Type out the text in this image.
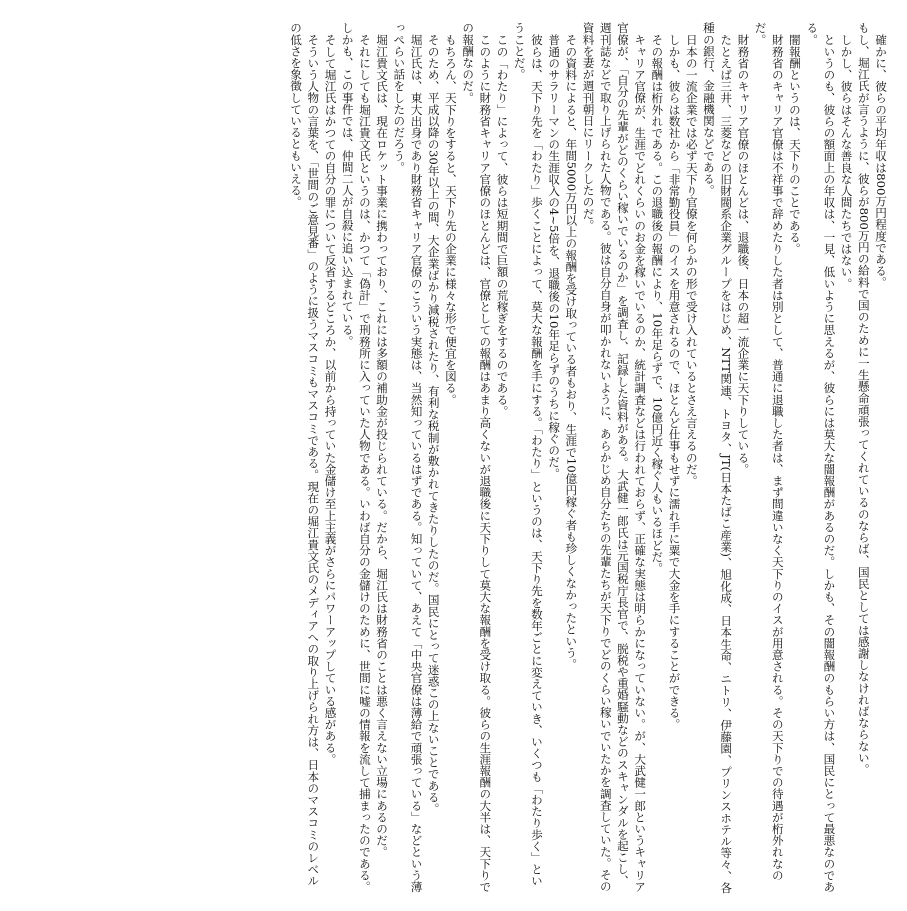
確かに、彼らの平均年収は800万円程度である。

もし、堀江氏が言うように、彼らが800万円の給料で国のために一生懸命頑張ってくれているのならば、国民としては感謝しなければならない。

しかし、彼らはそんな善良な人間たちではない。

というのも、彼らの額面上の年収は、一見、低いように思えるが、彼らには莫大な闇報酬があるのだ。しかも、その闇報酬のもらい方は、国民にとって最悪なのである。

闇報酬というのは、天下りのことである。

財務省のキャリア官僚は不祥事で辞めたりした者は別として、普通に退職した者は、まず間違いなく天下りのイスが用意される。その天下りでの待遇が桁外れなのだ。

財務省のキャリア官僚のほとんどは、退職後、日本の超一流企業に天下りしている。

たとえば三井、三菱などの旧財閥系企業グループをはじめ、NTT関連、トヨタ、JT(日本たばこ産業)、旭化成、日本生命、ニトリ、伊藤園、プリンスホテル等々、各種の銀行、金融機関などである。

日本の一流企業では必ず天下り官僚を何らかの形で受け入れているとさえ言えるのだ。

しかも、彼らは数社から「非常勤役員」のイスを用意されるので、ほとんど仕事もせずに濡れ手に粟で大金を手にすることができる。

その報酬は桁外れである。この退職後の報酬により、10年足らずで、10億円近く稼ぐ人もいるほどだ。

キャリア官僚が、生涯でどれくらいのお金を稼いでいるのか、統計調査などは行われておらず、正確な実態は明らかになっていない。が、大武健一郎というキャリア官僚が、「自分の先輩がどのくらい稼いでいるのか」を調査し、記録した資料がある。大武健一郎氏は元国税庁長官で、脱税や重婚騒動などのスキャンダルを起こし、週刊誌などで取り上げられた人物である。彼は自分自身が叩かれないように、あらかじめ自分たちの先輩たちが天下りでどのくらい稼いでいたかを調査していた。その資料を妻が週刊朝日にリークしたのだ。

その資料によると、年間5000万円以上の報酬を受け取っている者もおり、生涯で10億円稼ぐ者も珍しくなかったという。

普通のサラリーマンの生涯収入の4~5倍を、退職後の10年足らずのうちに稼ぐのだ。

彼らは、天下り先を「わたり」歩くことによって、莫大な報酬を手にする。「わたり」というのは、天下り先を数年ごとに変えていき、いくつも「わたり歩く」ということだ。

この「わたり」によって、彼らは短期間で巨額の荒稼ぎをするのである。

このように財務省キャリア官僚のほとんどは、官僚としての報酬はあまり高くないが退職後に天下りして莫大な報酬を受け取る。彼らの生涯報酬の大半は、天下りでの報酬なのだ。

もちろん、天下りをすると、天下り先の企業に様々な形で便宜を図る。

そのため、平成以降の30年以上の間、大企業ばかり減税されたり、有利な税制が敷かれてきたりしたのだ。国民にとって迷惑この上ないことである。

堀江氏は、東大出身であり財務省キャリア官僚のこういう実態は、当然知っているはずである。知っていて、あえて「中央官僚は薄給で頑張っている」などという薄っぺらい話をしたのだろう。

堀江貴文氏は、現在ロケット事業に携わっており、これには多額の補助金が投じられている。だから、堀江氏は財務省のことは悪く言えない立場にあるのだ。

それにしても堀江貴文氏というのは、かつて「偽計」で刑務所に入っていた人物である。いわば自分の金儲けのために、世間に嘘の情報を流して捕まったのである。しかも、この事件では、仲間二人が自殺に追い込まれている。

そして堀江氏はかつての自分の罪について反省するどころか、以前から持っていた金儲け至上主義がさらにパワーアップしている感がある。

そういう人物の言葉を、「世間のご意見番」のように扱うマスコミもマスコミである。現在の堀江貴文氏のメディアへの取り上げられ方は、日本のマスコミのレベルの低さを象徴しているともいえる。
